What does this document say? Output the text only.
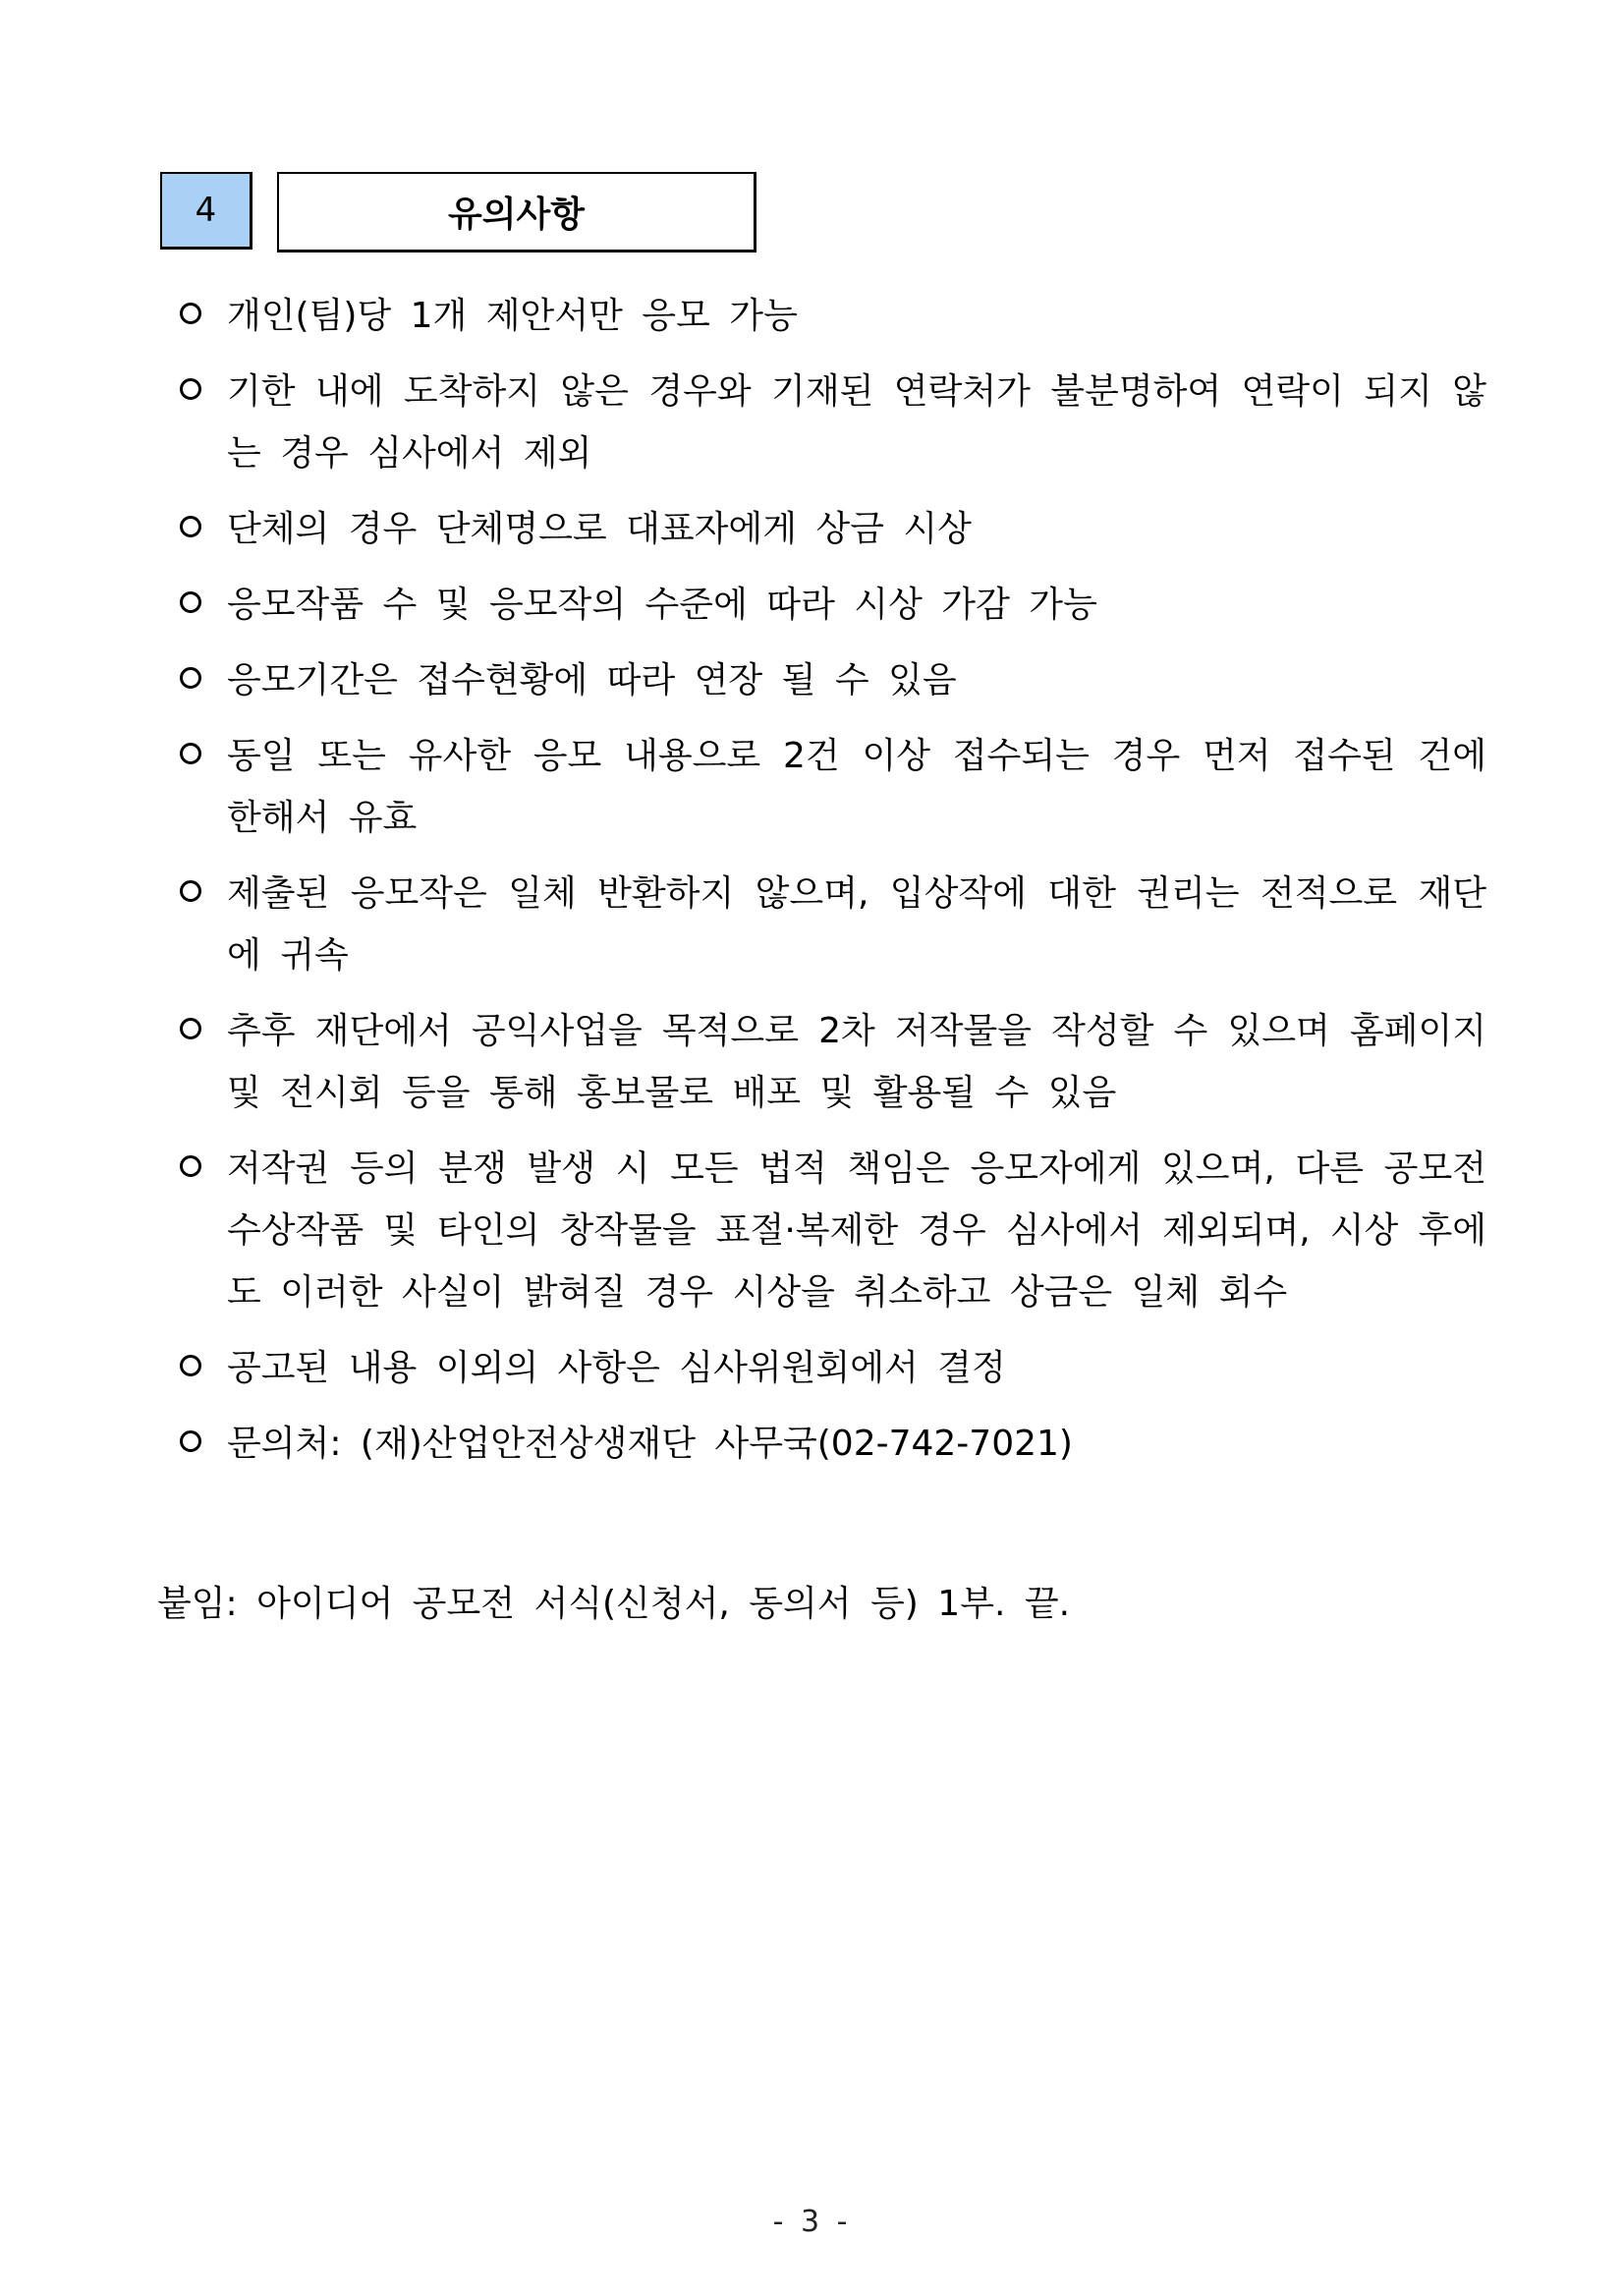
4	유의사항
개인(팀)당 1개 제안서만 응모 가능
기한 내에 도착하지 않은 경우와 기재된 연락처가 불분명하여 연락이 되지 않는 경우 심사에서 제외
단체의 경우 단체명으로 대표자에게 상금 시상
응모작품 수 및 응모작의 수준에 따라 시상 가감 가능
응모기간은 접수현황에 따라 연장 될 수 있음
동일 또는 유사한 응모 내용으로 2건 이상 접수되는 경우 먼저 접수된 건에 한해서 유효
제출된 응모작은 일체 반환하지 않으며, 입상작에 대한 권리는 전적으로 재단에 귀속
추후 재단에서 공익사업을 목적으로 2차 저작물을 작성할 수 있으며 홈페이지 및 전시회 등을 통해 홍보물로 배포 및 활용될 수 있음
저작권 등의 분쟁 발생 시 모든 법적 책임은 응모자에게 있으며, 다른 공모전 수상작품 및 타인의 창작물을 표절·복제한 경우 심사에서 제외되며, 시상 후에도 이러한 사실이 밝혀질 경우 시상을 취소하고 상금은 일체 회수
공고된 내용 이외의 사항은 심사위원회에서 결정
문의처: (재)산업안전상생재단 사무국(02-742-7021)
붙임: 아이디어 공모전 서식(신청서, 동의서 등) 1부. 끝.
- 3 -
